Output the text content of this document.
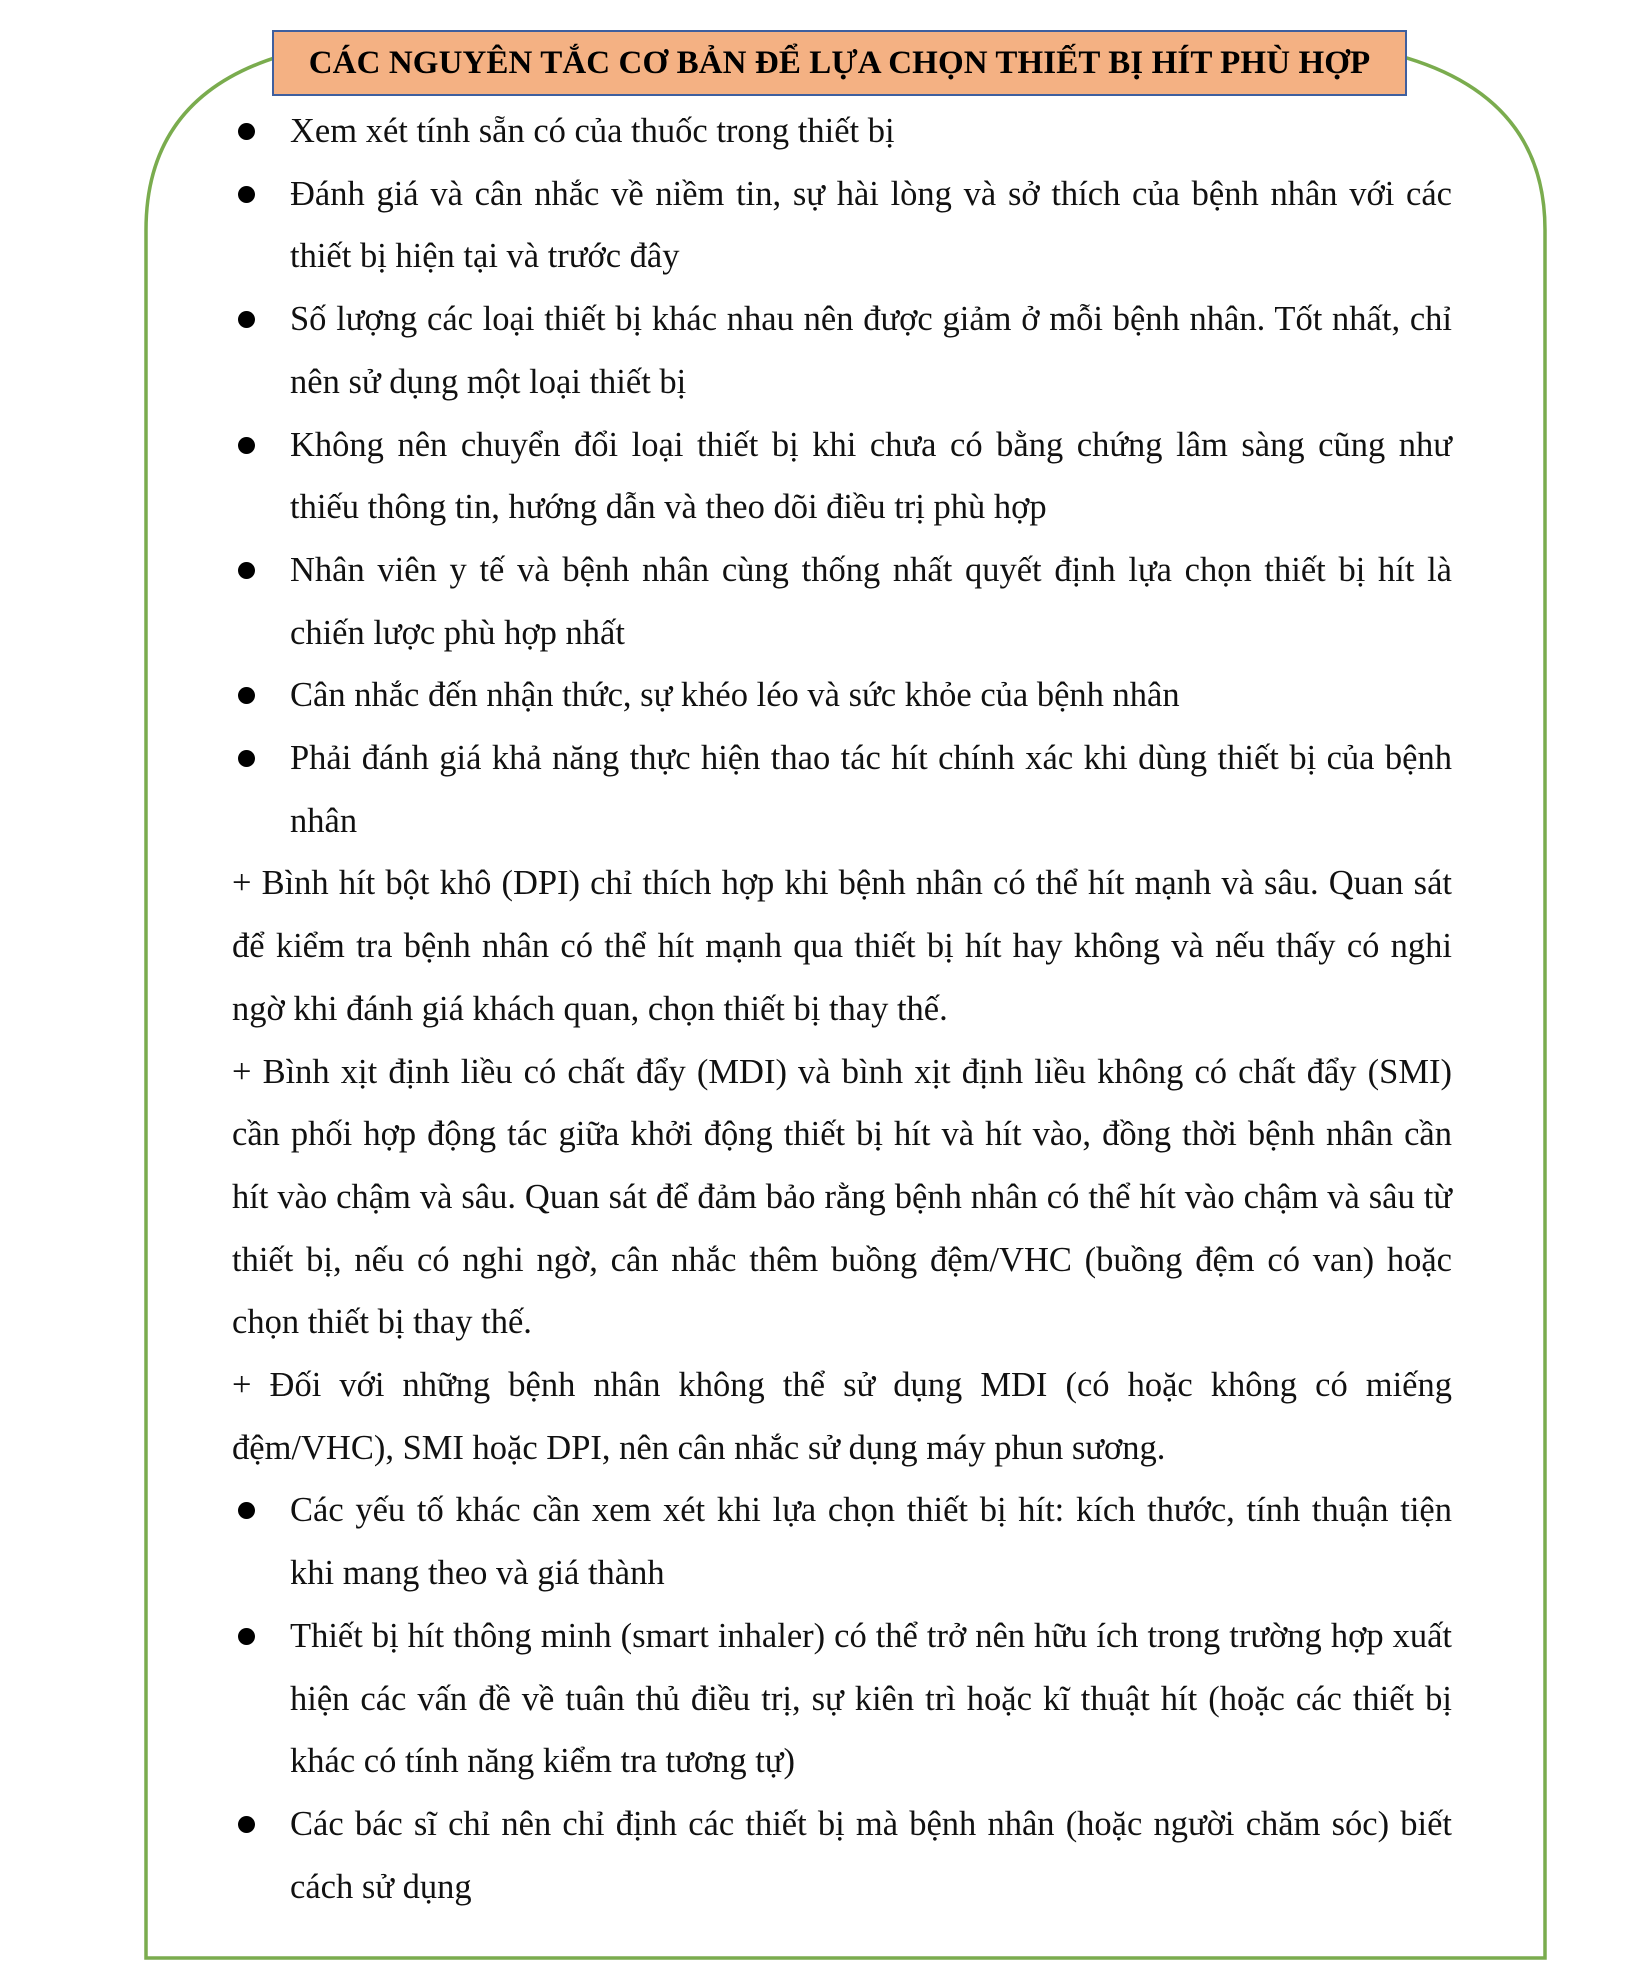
CÁC NGUYÊN TẮC CƠ BẢN ĐỂ LỰA CHỌN THIẾT BỊ HÍT PHÙ HỢP
Xem xét tính sẵn có của thuốc trong thiết bị
Đánh giá và cân nhắc về niềm tin, sự hài lòng và sở thích của bệnh nhân với các thiết bị hiện tại và trước đây
Số lượng các loại thiết bị khác nhau nên được giảm ở mỗi bệnh nhân. Tốt nhất, chỉ nên sử dụng một loại thiết bị
Không nên chuyển đổi loại thiết bị khi chưa có bằng chứng lâm sàng cũng như thiếu thông tin, hướng dẫn và theo dõi điều trị phù hợp
Nhân viên y tế và bệnh nhân cùng thống nhất quyết định lựa chọn thiết bị hít là chiến lược phù hợp nhất
Cân nhắc đến nhận thức, sự khéo léo và sức khỏe của bệnh nhân
Phải đánh giá khả năng thực hiện thao tác hít chính xác khi dùng thiết bị của bệnh nhân
+ Bình hít bột khô (DPI) chỉ thích hợp khi bệnh nhân có thể hít mạnh và sâu. Quan sát để kiểm tra bệnh nhân có thể hít mạnh qua thiết bị hít hay không và nếu thấy có nghi ngờ khi đánh giá khách quan, chọn thiết bị thay thế.
+ Bình xịt định liều có chất đẩy (MDI) và bình xịt định liều không có chất đẩy (SMI) cần phối hợp động tác giữa khởi động thiết bị hít và hít vào, đồng thời bệnh nhân cần hít vào chậm và sâu. Quan sát để đảm bảo rằng bệnh nhân có thể hít vào chậm và sâu từ thiết bị, nếu có nghi ngờ, cân nhắc thêm buồng đệm/VHC (buồng đệm có van) hoặc chọn thiết bị thay thế.
+ Đối với những bệnh nhân không thể sử dụng MDI (có hoặc không có miếng đệm/VHC), SMI hoặc DPI, nên cân nhắc sử dụng máy phun sương.
Các yếu tố khác cần xem xét khi lựa chọn thiết bị hít: kích thước, tính thuận tiện khi mang theo và giá thành
Thiết bị hít thông minh (smart inhaler) có thể trở nên hữu ích trong trường hợp xuất hiện các vấn đề về tuân thủ điều trị, sự kiên trì hoặc kĩ thuật hít (hoặc các thiết bị khác có tính năng kiểm tra tương tự)
Các bác sĩ chỉ nên chỉ định các thiết bị mà bệnh nhân (hoặc người chăm sóc) biết cách sử dụng
